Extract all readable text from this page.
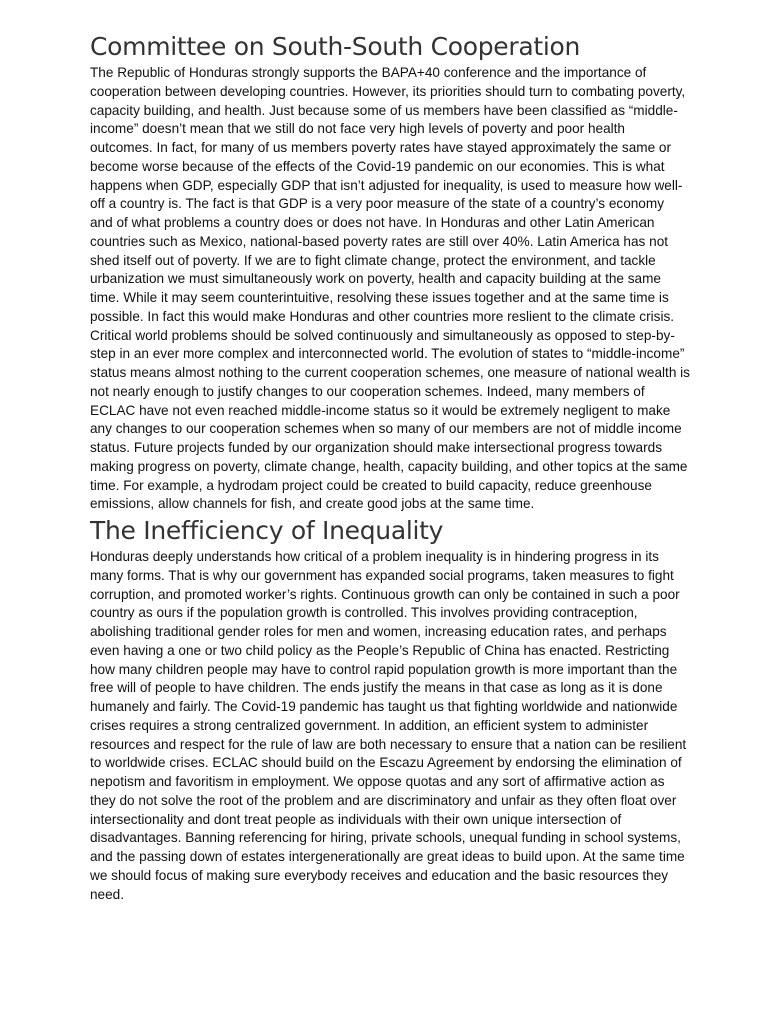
Committee on South-South Cooperation

The Republic of Honduras strongly supports the BAPA+40 conference and the importance of cooperation between developing countries. However, its priorities should turn to combating poverty, capacity building, and health. Just because some of us members have been classified as “middle-income” doesn’t mean that we still do not face very high levels of poverty and poor health outcomes. In fact, for many of us members poverty rates have stayed approximately the same or become worse because of the effects of the Covid-19 pandemic on our economies. This is what happens when GDP, especially GDP that isn’t adjusted for inequality, is used to measure how well-off a country is. The fact is that GDP is a very poor measure of the state of a country’s economy and of what problems a country does or does not have. In Honduras and other Latin American countries such as Mexico, national-based poverty rates are still over 40%. Latin America has not shed itself out of poverty. If we are to fight climate change, protect the environment, and tackle urbanization we must simultaneously work on poverty, health and capacity building at the same time. While it may seem counterintuitive, resolving these issues together and at the same time is possible. In fact this would make Honduras and other countries more reslient to the climate crisis. Critical world problems should be solved continuously and simultaneously as opposed to step-by-step in an ever more complex and interconnected world. The evolution of states to “middle-income” status means almost nothing to the current cooperation schemes, one measure of national wealth is not nearly enough to justify changes to our cooperation schemes. Indeed, many members of ECLAC have not even reached middle-income status so it would be extremely negligent to make any changes to our cooperation schemes when so many of our members are not of middle income status. Future projects funded by our organization should make intersectional progress towards making progress on poverty, climate change, health, capacity building, and other topics at the same time. For example, a hydrodam project could be created to build capacity, reduce greenhouse emissions, allow channels for fish, and create good jobs at the same time.

The Inefficiency of Inequality

Honduras deeply understands how critical of a problem inequality is in hindering progress in its many forms. That is why our government has expanded social programs, taken measures to fight corruption, and promoted worker’s rights. Continuous growth can only be contained in such a poor country as ours if the population growth is controlled. This involves providing contraception, abolishing traditional gender roles for men and women, increasing education rates, and perhaps even having a one or two child policy as the People’s Republic of China has enacted. Restricting how many children people may have to control rapid population growth is more important than the free will of people to have children. The ends justify the means in that case as long as it is done humanely and fairly. The Covid-19 pandemic has taught us that fighting worldwide and nationwide crises requires a strong centralized government. In addition, an efficient system to administer resources and respect for the rule of law are both necessary to ensure that a nation can be resilient to worldwide crises. ECLAC should build on the Escazu Agreement by endorsing the elimination of nepotism and favoritism in employment. We oppose quotas and any sort of affirmative action as they do not solve the root of the problem and are discriminatory and unfair as they often float over intersectionality and dont treat people as individuals with their own unique intersection of disadvantages. Banning referencing for hiring, private schools, unequal funding in school systems, and the passing down of estates intergenerationally are great ideas to build upon. At the same time we should focus of making sure everybody receives and education and the basic resources they need.
